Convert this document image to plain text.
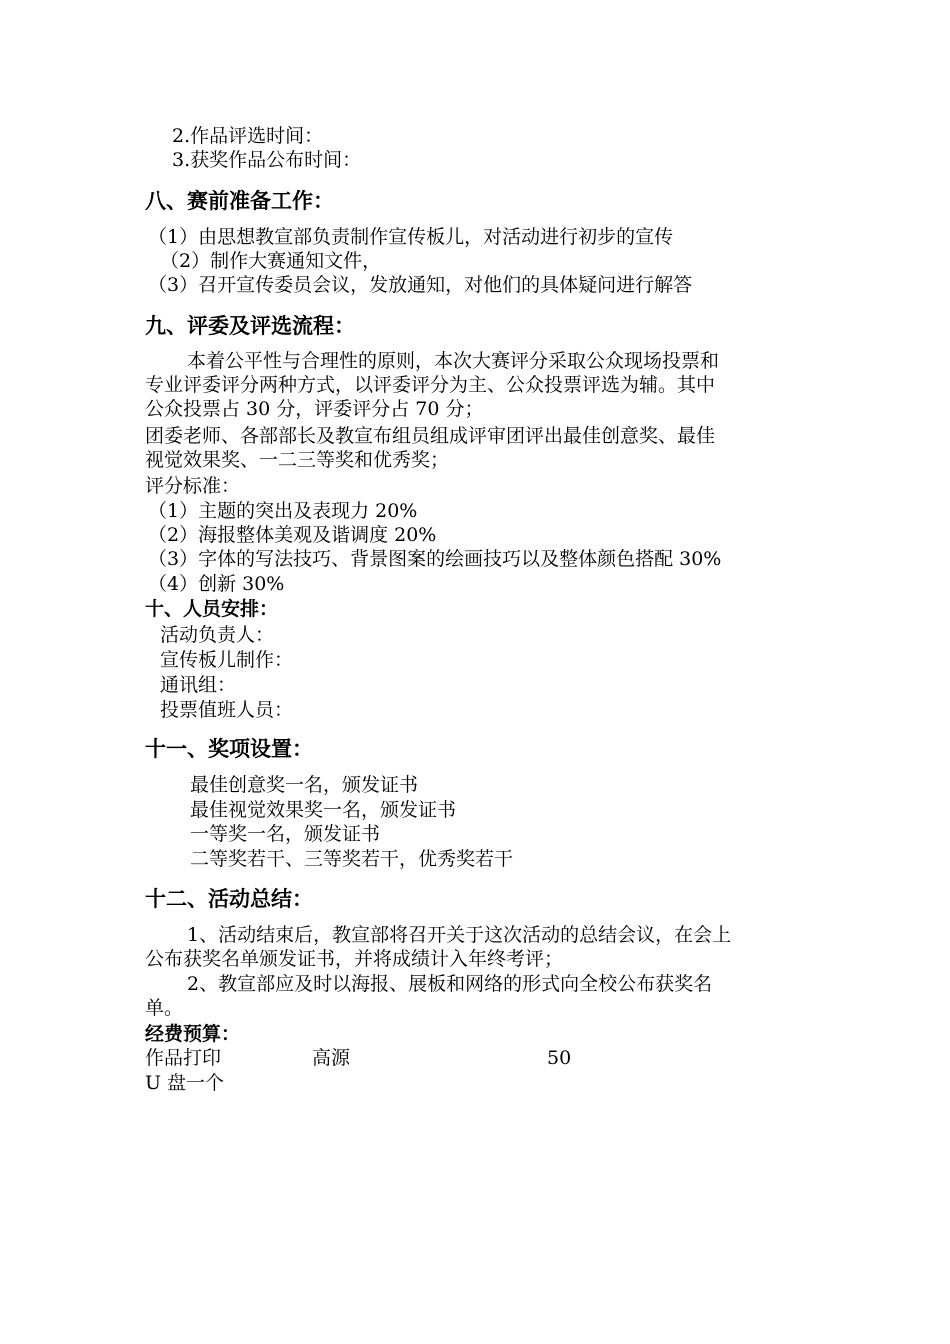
2.作品评选时间：
3.获奖作品公布时间：
八、赛前准备工作：
（1）由思想教宣部负责制作宣传板儿，对活动进行初步的宣传
（2）制作大赛通知文件，
（3）召开宣传委员会议，发放通知，对他们的具体疑问进行解答
九、评委及评选流程：
本着公平性与合理性的原则，本次大赛评分采取公众现场投票和
专业评委评分两种方式，以评委评分为主、公众投票评选为辅。其中
公众投票占 30 分，评委评分占 70 分；
团委老师、各部部长及教宣布组员组成评审团评出最佳创意奖、最佳
视觉效果奖、一二三等奖和优秀奖；
评分标准：
（1）主题的突出及表现力 20%
（2）海报整体美观及谐调度 20%
（3）字体的写法技巧、背景图案的绘画技巧以及整体颜色搭配 30%
（4）创新 30%
十、人员安排：
活动负责人：
宣传板儿制作：
通讯组：
投票值班人员：
十一、奖项设置：
最佳创意奖一名，颁发证书
最佳视觉效果奖一名，颁发证书
一等奖一名，颁发证书
二等奖若干、三等奖若干，优秀奖若干
十二、活动总结：
1、活动结束后，教宣部将召开关于这次活动的总结会议，在会上
公布获奖名单颁发证书，并将成绩计入年终考评；
2、教宣部应及时以海报、展板和网络的形式向全校公布获奖名
单。
经费预算：
作品打印	高源	50
U 盘一个
